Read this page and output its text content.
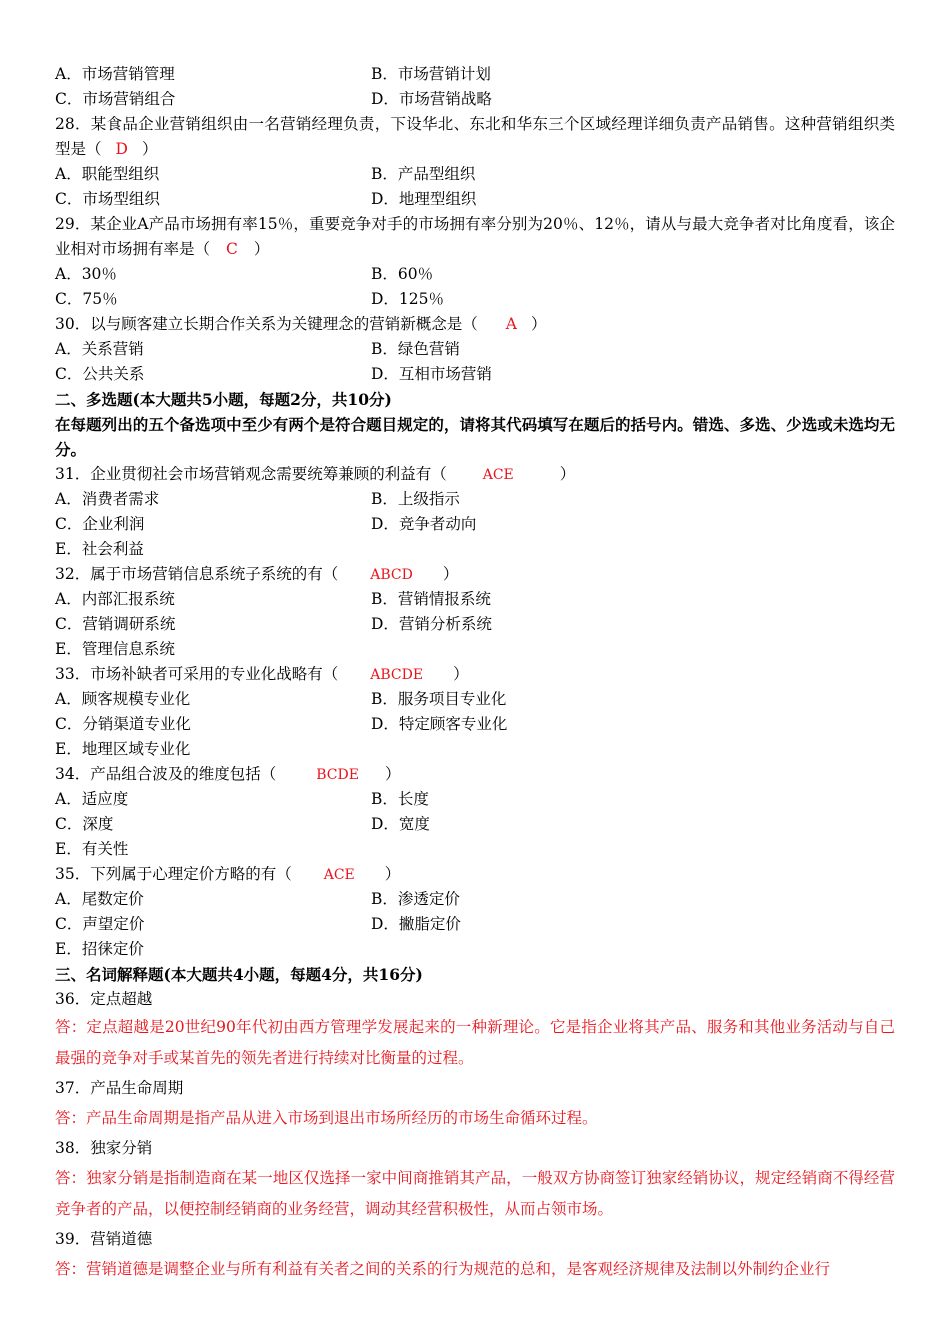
A．市场营销管理	B．市场营销计划
C．市场营销组合	D．市场营销战略
28．某食品企业营销组织由一名营销经理负责，下设华北、东北和华东三个区域经理详细负责产品销售。这种营销组织类型是（ D ）
A．职能型组织	B．产品型组织
C．市场型组织	D．地理型组织
29．某企业A产品市场拥有率15％，重要竞争对手的市场拥有率分别为20％、12％，请从与最大竞争者对比角度看，该企业相对市场拥有率是（ C ）
A．30％	B．60％
C．75％	D．125％
30．以与顾客建立长期合作关系为关键理念的营销新概念是（ A ）
A．关系营销	B．绿色营销
C．公共关系	D．互相市场营销
二、多选题(本大题共5小题，每题2分，共10分)
在每题列出的五个备选项中至少有两个是符合题目规定的，请将其代码填写在题后的括号内。错选、多选、少选或未选均无分。
31．企业贯彻社会市场营销观念需要统筹兼顾的利益有（	ACE	）
A．消费者需求	B．上级指示
C．企业利润	D．竞争者动向
E．社会利益
32．属于市场营销信息系统子系统的有（ ABCD ）
A．内部汇报系统	B．营销情报系统
C．营销调研系统	D．营销分析系统
E．管理信息系统
33．市场补缺者可采用的专业化战略有（ ABCDE ）
A．顾客规模专业化	B．服务项目专业化
C．分销渠道专业化	D．特定顾客专业化
E．地理区域专业化
34．产品组合波及的维度包括（	BCDE ）
A．适应度	B．长度
C．深度	D．宽度
E．有关性
35．下列属于心理定价方略的有（ ACE ）
A．尾数定价	B．渗透定价
C．声望定价	D．撇脂定价
E．招徕定价
三、名词解释题(本大题共4小题，每题4分，共16分)
36．定点超越
答：定点超越是20世纪90年代初由西方管理学发展起来的一种新理论。它是指企业将其产品、服务和其他业务活动与自己最强的竞争对手或某首先的领先者进行持续对比衡量的过程。
37．产品生命周期
答：产品生命周期是指产品从进入市场到退出市场所经历的市场生命循环过程。
38．独家分销
答：独家分销是指制造商在某一地区仅选择一家中间商推销其产品，一般双方协商签订独家经销协议，规定经销商不得经营竞争者的产品，以便控制经销商的业务经营，调动其经营积极性，从而占领市场。
39．营销道德
答：营销道德是调整企业与所有利益有关者之间的关系的行为规范的总和，是客观经济规律及法制以外制约企业行
